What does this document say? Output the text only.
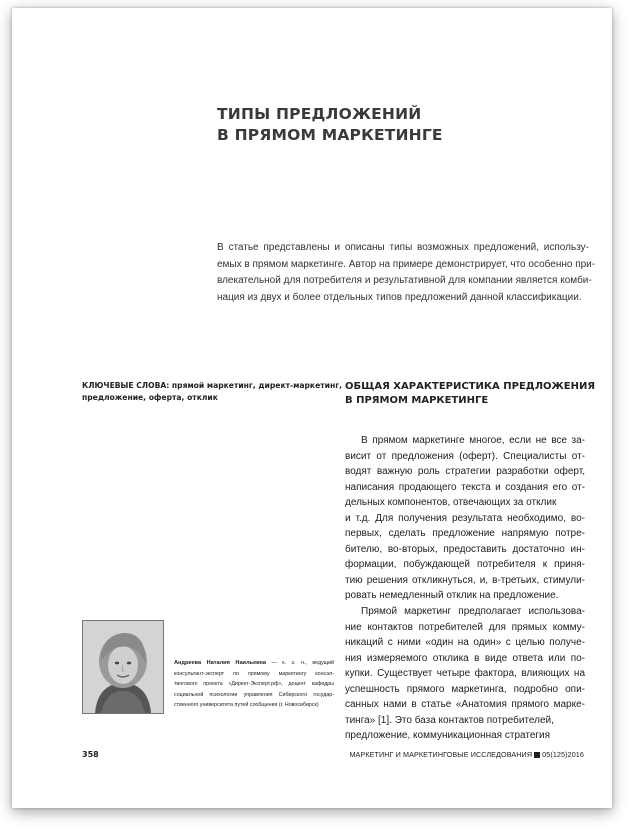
ТИПЫ ПРЕДЛОЖЕНИЙ
В ПРЯМОМ МАРКЕТИНГЕ
В статье представлены и описаны типы возможных предложений, использу-
емых в прямом маркетинге. Автор на примере демонстрирует, что особенно при-
влекательной для потребителя и результативной для компании является комби-
нация из двух и более отдельных типов предложений данной классификации.
КЛЮЧЕВЫЕ СЛОВА: прямой маркетинг, директ-маркетинг,
предложение, оферта, отклик
ОБЩАЯ ХАРАКТЕРИСТИКА ПРЕДЛОЖЕНИЯ
В ПРЯМОМ МАРКЕТИНГЕ
В прямом маркетинге многое, если не все за-
висит от предложения (оферт). Специалисты от-
водят важную роль стратегии разработки оферт,
написания продающего текста и создания его от-
дельных компонентов, отвечающих за отклик
и т.д. Для получения результата необходимо, во-
первых, сделать предложение напрямую потре-
бителю, во-вторых, предоставить достаточно ин-
формации, побуждающей потребителя к приня-
тию решения откликнуться, и, в-третьих, стимули-
ровать немедленный отклик на предложение.
Прямой маркетинг предполагает использова-
ние контактов потребителей для прямых комму-
никаций с ними «один на один» с целью получе-
ния измеряемого отклика в виде ответа или по-
купки. Существует четыре фактора, влияющих на
успешность прямого маркетинга, подробно опи-
санных нами в статье «Анатомия прямого марке-
тинга» [1]. Это база контактов потребителей,
предложение, коммуникационная стратегия
Андреева Наталия Наильевна — к. э. н., ведущий
консультант-эксперт по прямому маркетингу консал-
тингового проекта «Директ-Эксперт.рф», доцент кафедры
социальной психологии управления Сибирского государ-
ственного университета путей сообщения (г. Новосибирск)
358	МАРКЕТИНГ И МАРКЕТИНГОВЫЕ ИССЛЕДОВАНИЯ 05(125)2016
